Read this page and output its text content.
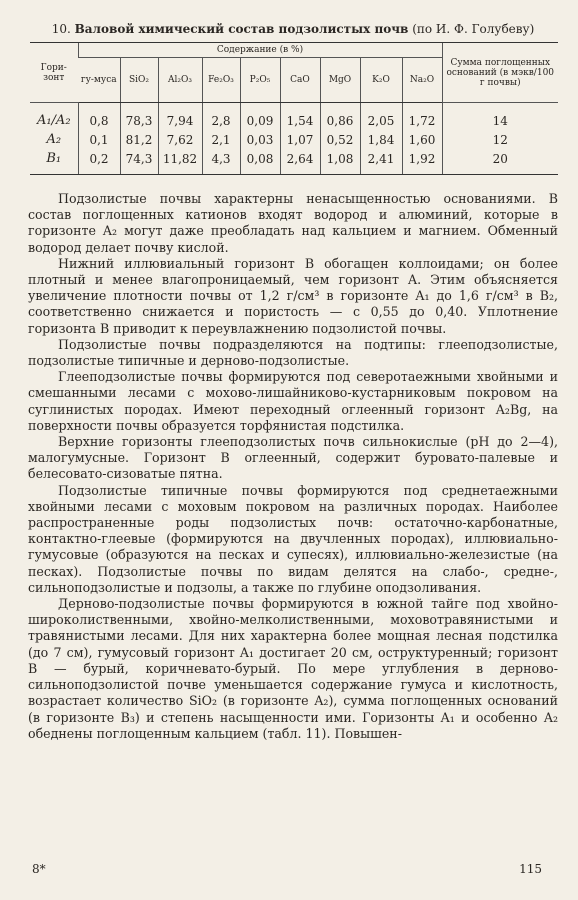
10. Валовой химический состав подзолистых почв (по И. Ф. Голубеву)
Гори-зонт	Содержание (в %)									Сумма поглощенных оснований (в мэкв/100 г почвы)
	гу-муса	SiO₂	Al₂O₃	Fe₂O₃	P₂O₅	CaO	MgO	K₂O	Na₂O	
A₁/A₂	0,8	78,3	7,94	2,8	0,09	1,54	0,86	2,05	1,72	14
A₂	0,1	81,2	7,62	2,1	0,03	1,07	0,52	1,84	1,60	12
B₁	0,2	74,3	11,82	4,3	0,08	2,64	1,08	2,41	1,92	20

Подзолистые почвы характерны ненасыщенностью основаниями. В состав поглощенных катионов входят водород и алюминий, которые в горизонте A₂ могут даже преобладать над кальцием и магнием. Обменный водород делает почву кислой.

Нижний иллювиальный горизонт B обогащен коллоидами; он более плотный и менее влагопроницаемый, чем горизонт A. Этим объясняется увеличение плотности почвы от 1,2 г/см³ в горизонте A₁ до 1,6 г/см³ в B₂, соответственно снижается и пористость — с 0,55 до 0,40. Уплотнение горизонта B приводит к переувлажнению подзолистой почвы.

Подзолистые почвы подразделяются на подтипы: глееподзолистые, подзолистые типичные и дерново-подзолистые.

Глееподзолистые почвы формируются под северотаежными хвойными и смешанными лесами с мохово-лишайниково-кустарниковым покровом на суглинистых породах. Имеют переходный оглеенный горизонт A₂Bg, на поверхности почвы образуется торфянистая подстилка.

Верхние горизонты глееподзолистых почв сильнокислые (pH до 2—4), малогумусные. Горизонт B оглеенный, содержит буровато-палевые и белесовато-сизоватые пятна.

Подзолистые типичные почвы формируются под среднетаежными хвойными лесами с моховым покровом на различных породах. Наиболее распространенные роды подзолистых почв: остаточно-карбонатные, контактно-глеевые (формируются на двучленных породах), иллювиально-гумусовые (образуются на песках и супесях), иллювиально-железистые (на песках). Подзолистые почвы по видам делятся на слабо-, средне-, сильноподзолистые и подзолы, а также по глубине оподзоливания.

Дерново-подзолистые почвы формируются в южной тайге под хвойно-широколиственными, хвойно-мелколиственными, моховотравянистыми и травянистыми лесами. Для них характерна более мощная лесная подстилка (до 7 см), гумусовый горизонт A₁ достигает 20 см, оструктуренный; горизонт B — бурый, коричневато-бурый. По мере углубления в дерново-сильноподзолистой почве уменьшается содержание гумуса и кислотность, возрастает количество SiO₂ (в горизонте A₂), сумма поглощенных оснований (в горизонте B₃) и степень насыщенности ими. Горизонты A₁ и особенно A₂ обеднены поглощенным кальцием (табл. 11). Повышен-

8*	115
